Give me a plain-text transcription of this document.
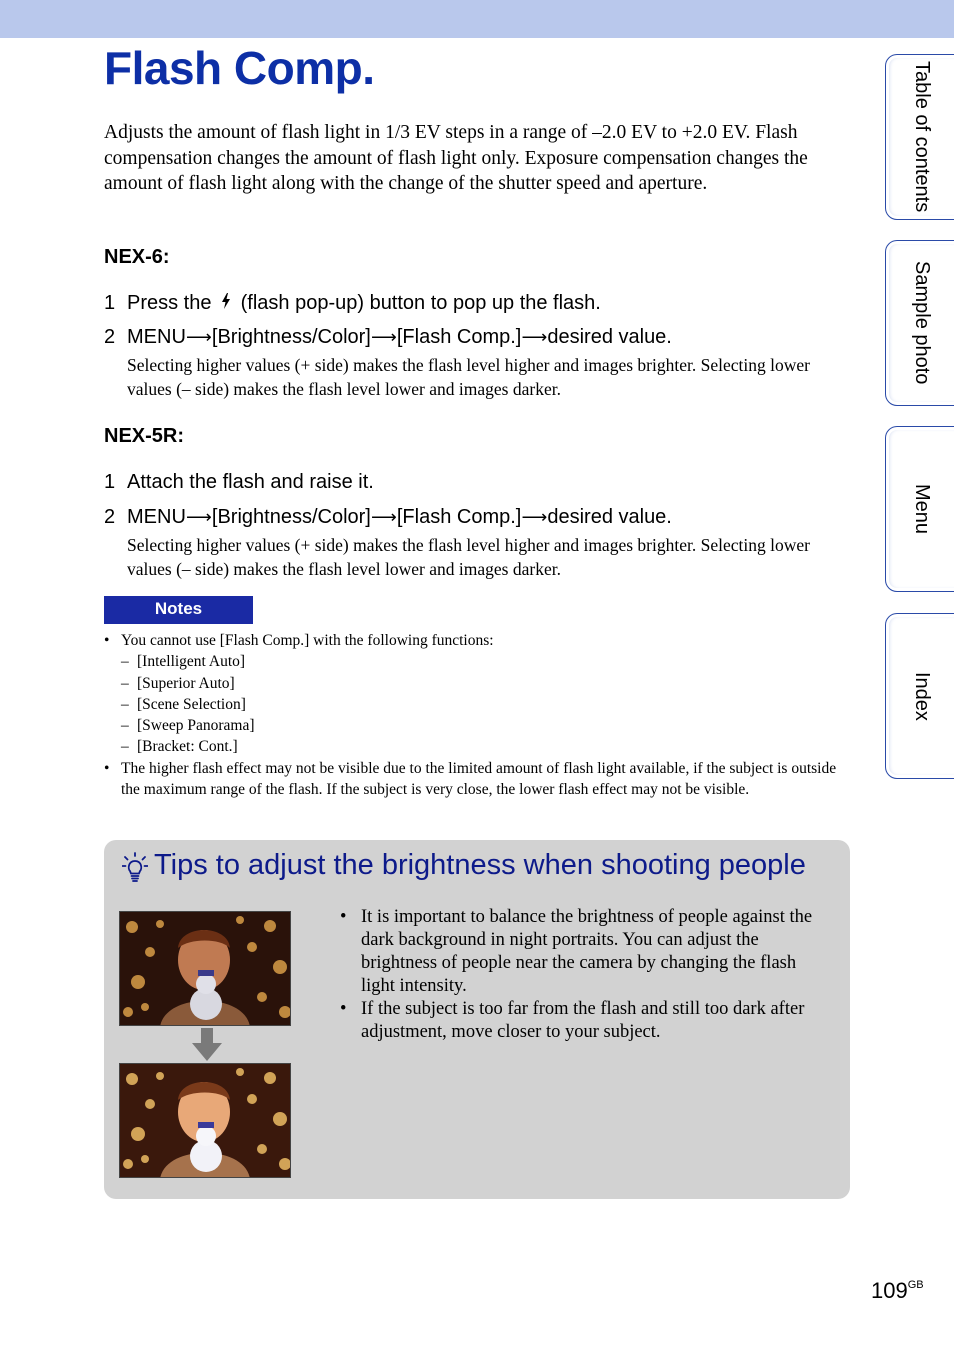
Flash Comp.

Adjusts the amount of flash light in 1/3 EV steps in a range of –2.0 EV to +2.0 EV. Flash compensation changes the amount of flash light only. Exposure compensation changes the amount of flash light along with the change of the shutter speed and aperture.

NEX-6:
1 Press the (flash pop-up) button to pop up the flash.
2 MENU⟶[Brightness/Color]⟶[Flash Comp.]⟶desired value.

Selecting higher values (+ side) makes the flash level higher and images brighter. Selecting lower values (– side) makes the flash level lower and images darker.

NEX-5R:
1 Attach the flash and raise it.
2 MENU⟶[Brightness/Color]⟶[Flash Comp.]⟶desired value.

Selecting higher values (+ side) makes the flash level higher and images brighter. Selecting lower values (– side) makes the flash level lower and images darker.

Notes
• You cannot use [Flash Comp.] with the following functions:
– [Intelligent Auto]
– [Superior Auto]
– [Scene Selection]
– [Sweep Panorama]
– [Bracket: Cont.]
• The higher flash effect may not be visible due to the limited amount of flash light available, if the subject is outside the maximum range of the flash. If the subject is very close, the lower flash effect may not be visible.
Tips to adjust the brightness when shooting people
• It is important to balance the brightness of people against the dark background in night portraits. You can adjust the brightness of people near the camera by changing the flash light intensity.
• If the subject is too far from the flash and still too dark after adjustment, move closer to your subject.
Table of contents
Sample photo
Menu
Index
$109^{GB}$
